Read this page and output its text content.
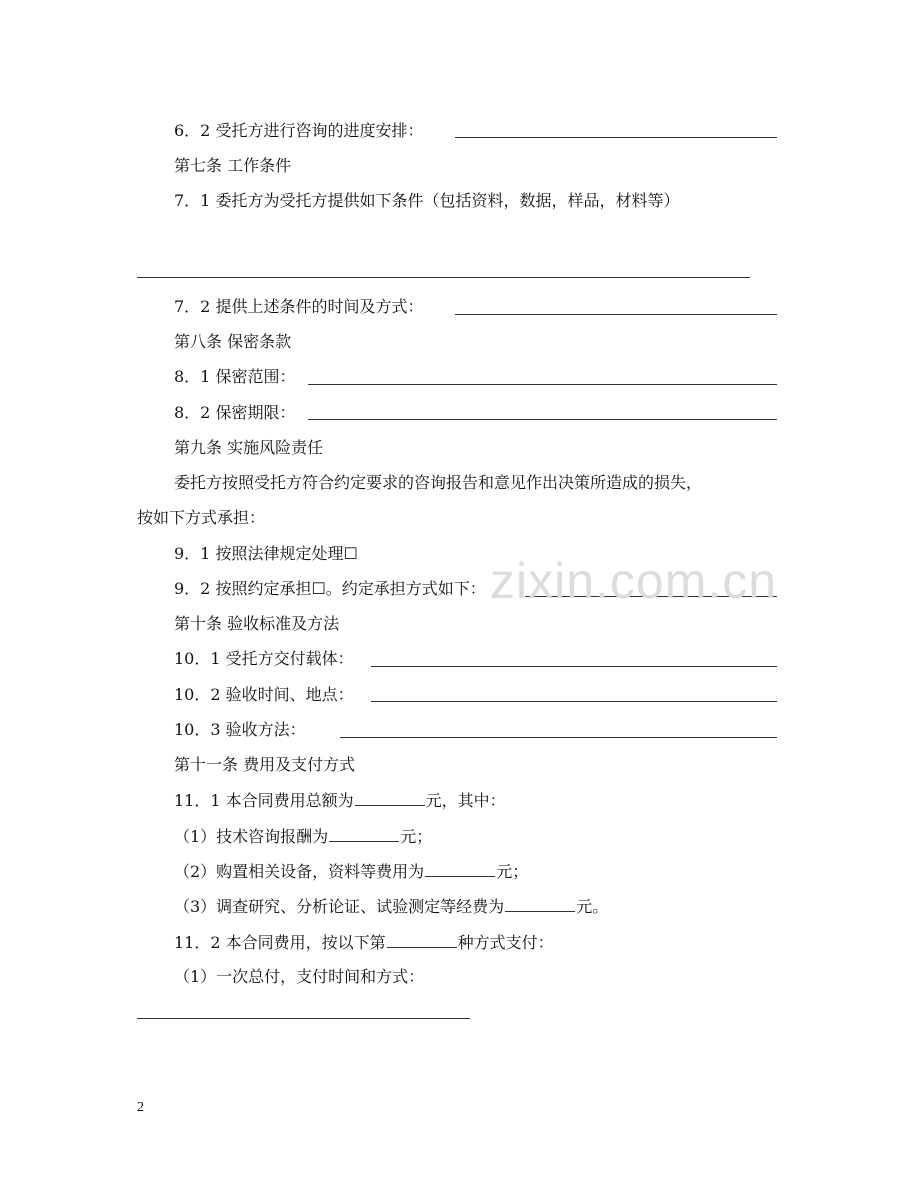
6．2 受托方进行咨询的进度安排：
第七条 工作条件
7．1 委托方为受托方提供如下条件（包括资料，数据，样品，材料等）
7．2 提供上述条件的时间及方式：
第八条 保密条款
8．1 保密范围：
8．2 保密期限：
第九条 实施风险责任
委托方按照受托方符合约定要求的咨询报告和意见作出决策所造成的损失，
按如下方式承担：
9．1 按照法律规定处理☐
9．2 按照约定承担☐。约定承担方式如下：
第十条 验收标准及方法
10．1 受托方交付载体：
10．2 验收时间、地点：
10．3 验收方法：
第十一条 费用及支付方式
11．1 本合同费用总额为	元，其中：
（1）技术咨询报酬为	元；
（2）购置相关设备，资料等费用为	元；
（3）调查研究、分析论证、试验测定等经费为	元。
11．2 本合同费用，按以下第	种方式支付：
（1）一次总付，支付时间和方式：
zixin.com.cn
2
